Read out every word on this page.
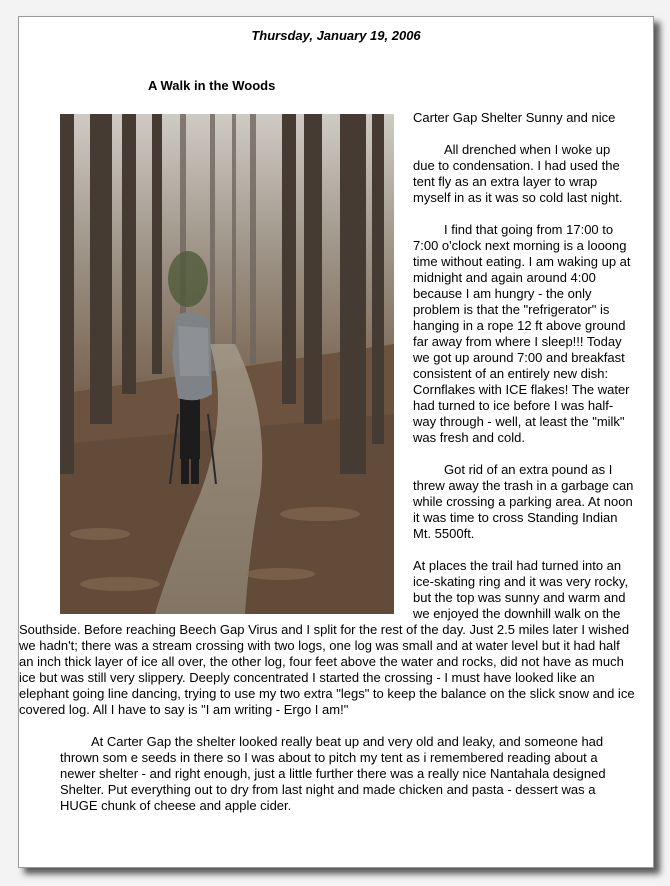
Thursday, January 19, 2006
A Walk in the Woods

Carter Gap Shelter Sunny and nice

All drenched when I woke up due to condensation. I had used the tent fly as an extra layer to wrap myself in as it was so cold last night.

I find that going from 17:00 to 7:00 o'clock next morning is a looong time without eating. I am waking up at midnight and again around 4:00 because I am hungry - the only problem is that the "refrigerator" is hanging in a rope 12 ft above ground far away from where I sleep!!! Today we got up around 7:00 and breakfast consistent of an entirely new dish: Cornflakes with ICE flakes! The water had turned to ice before I was half-way through - well, at least the "milk" was fresh and cold.

Got rid of an extra pound as I threw away the trash in a garbage can while crossing a parking area. At noon it was time to cross Standing Indian Mt. 5500ft.

At places the trail had turned into an ice-skating ring and it was very rocky, but the top was sunny and warm and we enjoyed the downhill walk on the Southside. Before reaching Beech Gap Virus and I split for the rest of the day. Just 2.5 miles later I wished we hadn't; there was a stream crossing with two logs, one log was small and at water level but it had half an inch thick layer of ice all over, the other log, four feet above the water and rocks, did not have as much ice but was still very slippery. Deeply concentrated I started the crossing - I must have looked like an elephant going line dancing, trying to use my two extra "legs" to keep the balance on the slick snow and ice covered log. All I have to say is "I am writing - Ergo I am!"

At Carter Gap the shelter looked really beat up and very old and leaky, and someone had thrown som e seeds in there so I was about to pitch my tent as i remembered reading about a newer shelter - and right enough, just a little further there was a really nice Nantahala designed Shelter. Put everything out to dry from last night and made chicken and pasta - dessert was a HUGE chunk of cheese and apple cider.
